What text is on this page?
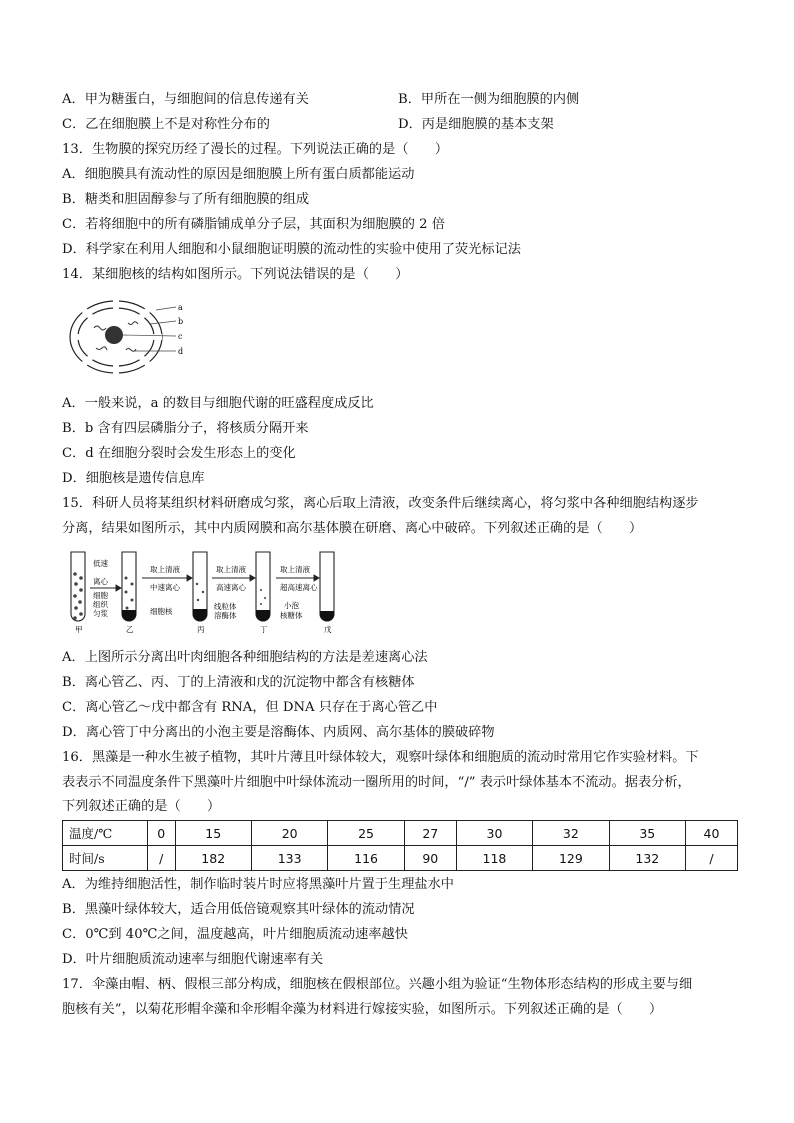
A．甲为糖蛋白，与细胞间的信息传递有关	B．甲所在一侧为细胞膜的内侧
C．乙在细胞膜上不是对称性分布的	D．丙是细胞膜的基本支架
13．生物膜的探究历经了漫长的过程。下列说法正确的是（　　）
A．细胞膜具有流动性的原因是细胞膜上所有蛋白质都能运动
B．糖类和胆固醇参与了所有细胞膜的组成
C．若将细胞中的所有磷脂铺成单分子层，其面积为细胞膜的 2 倍
D．科学家在利用人细胞和小鼠细胞证明膜的流动性的实验中使用了荧光标记法
14．某细胞核的结构如图所示。下列说法错误的是（　　）
a
b
c
d
A．一般来说，a 的数目与细胞代谢的旺盛程度成反比
B．b 含有四层磷脂分子，将核质分隔开来
C．d 在细胞分裂时会发生形态上的变化
D．细胞核是遗传信息库
15．科研人员将某组织材料研磨成匀浆，离心后取上清液，改变条件后继续离心，将匀浆中各种细胞结构逐步
分离，结果如图所示，其中内质网膜和高尔基体膜在研磨、离心中破碎。下列叙述正确的是（　　）
低速
离心
细胞
组织
匀浆
取上清液
中速离心
细胞核
取上清液
高速离心
线粒体
溶酶体
取上清液
超高速离心
小泡
核糖体
甲	乙	丙	丁	戊
A．上图所示分离出叶肉细胞各种细胞结构的方法是差速离心法
B．离心管乙、丙、丁的上清液和戊的沉淀物中都含有核糖体
C．离心管乙～戊中都含有 RNA，但 DNA 只存在于离心管乙中
D．离心管丁中分离出的小泡主要是溶酶体、内质网、高尔基体的膜破碎物
16．黑藻是一种水生被子植物，其叶片薄且叶绿体较大，观察叶绿体和细胞质的流动时常用它作实验材料。下
表表示不同温度条件下黑藻叶片细胞中叶绿体流动一圈所用的时间，“/” 表示叶绿体基本不流动。据表分析，
下列叙述正确的是（　　）
温度/℃	0	15	20	25	27	30	32	35	40
时间/s	/	182	133	116	90	118	129	132	/
A．为维持细胞活性，制作临时装片时应将黑藻叶片置于生理盐水中
B．黑藻叶绿体较大，适合用低倍镜观察其叶绿体的流动情况
C．0℃到 40℃之间，温度越高，叶片细胞质流动速率越快
D．叶片细胞质流动速率与细胞代谢速率有关
17．伞藻由帽、柄、假根三部分构成，细胞核在假根部位。兴趣小组为验证“生物体形态结构的形成主要与细
胞核有关”，以菊花形帽伞藻和伞形帽伞藻为材料进行嫁接实验，如图所示。下列叙述正确的是（　　）
